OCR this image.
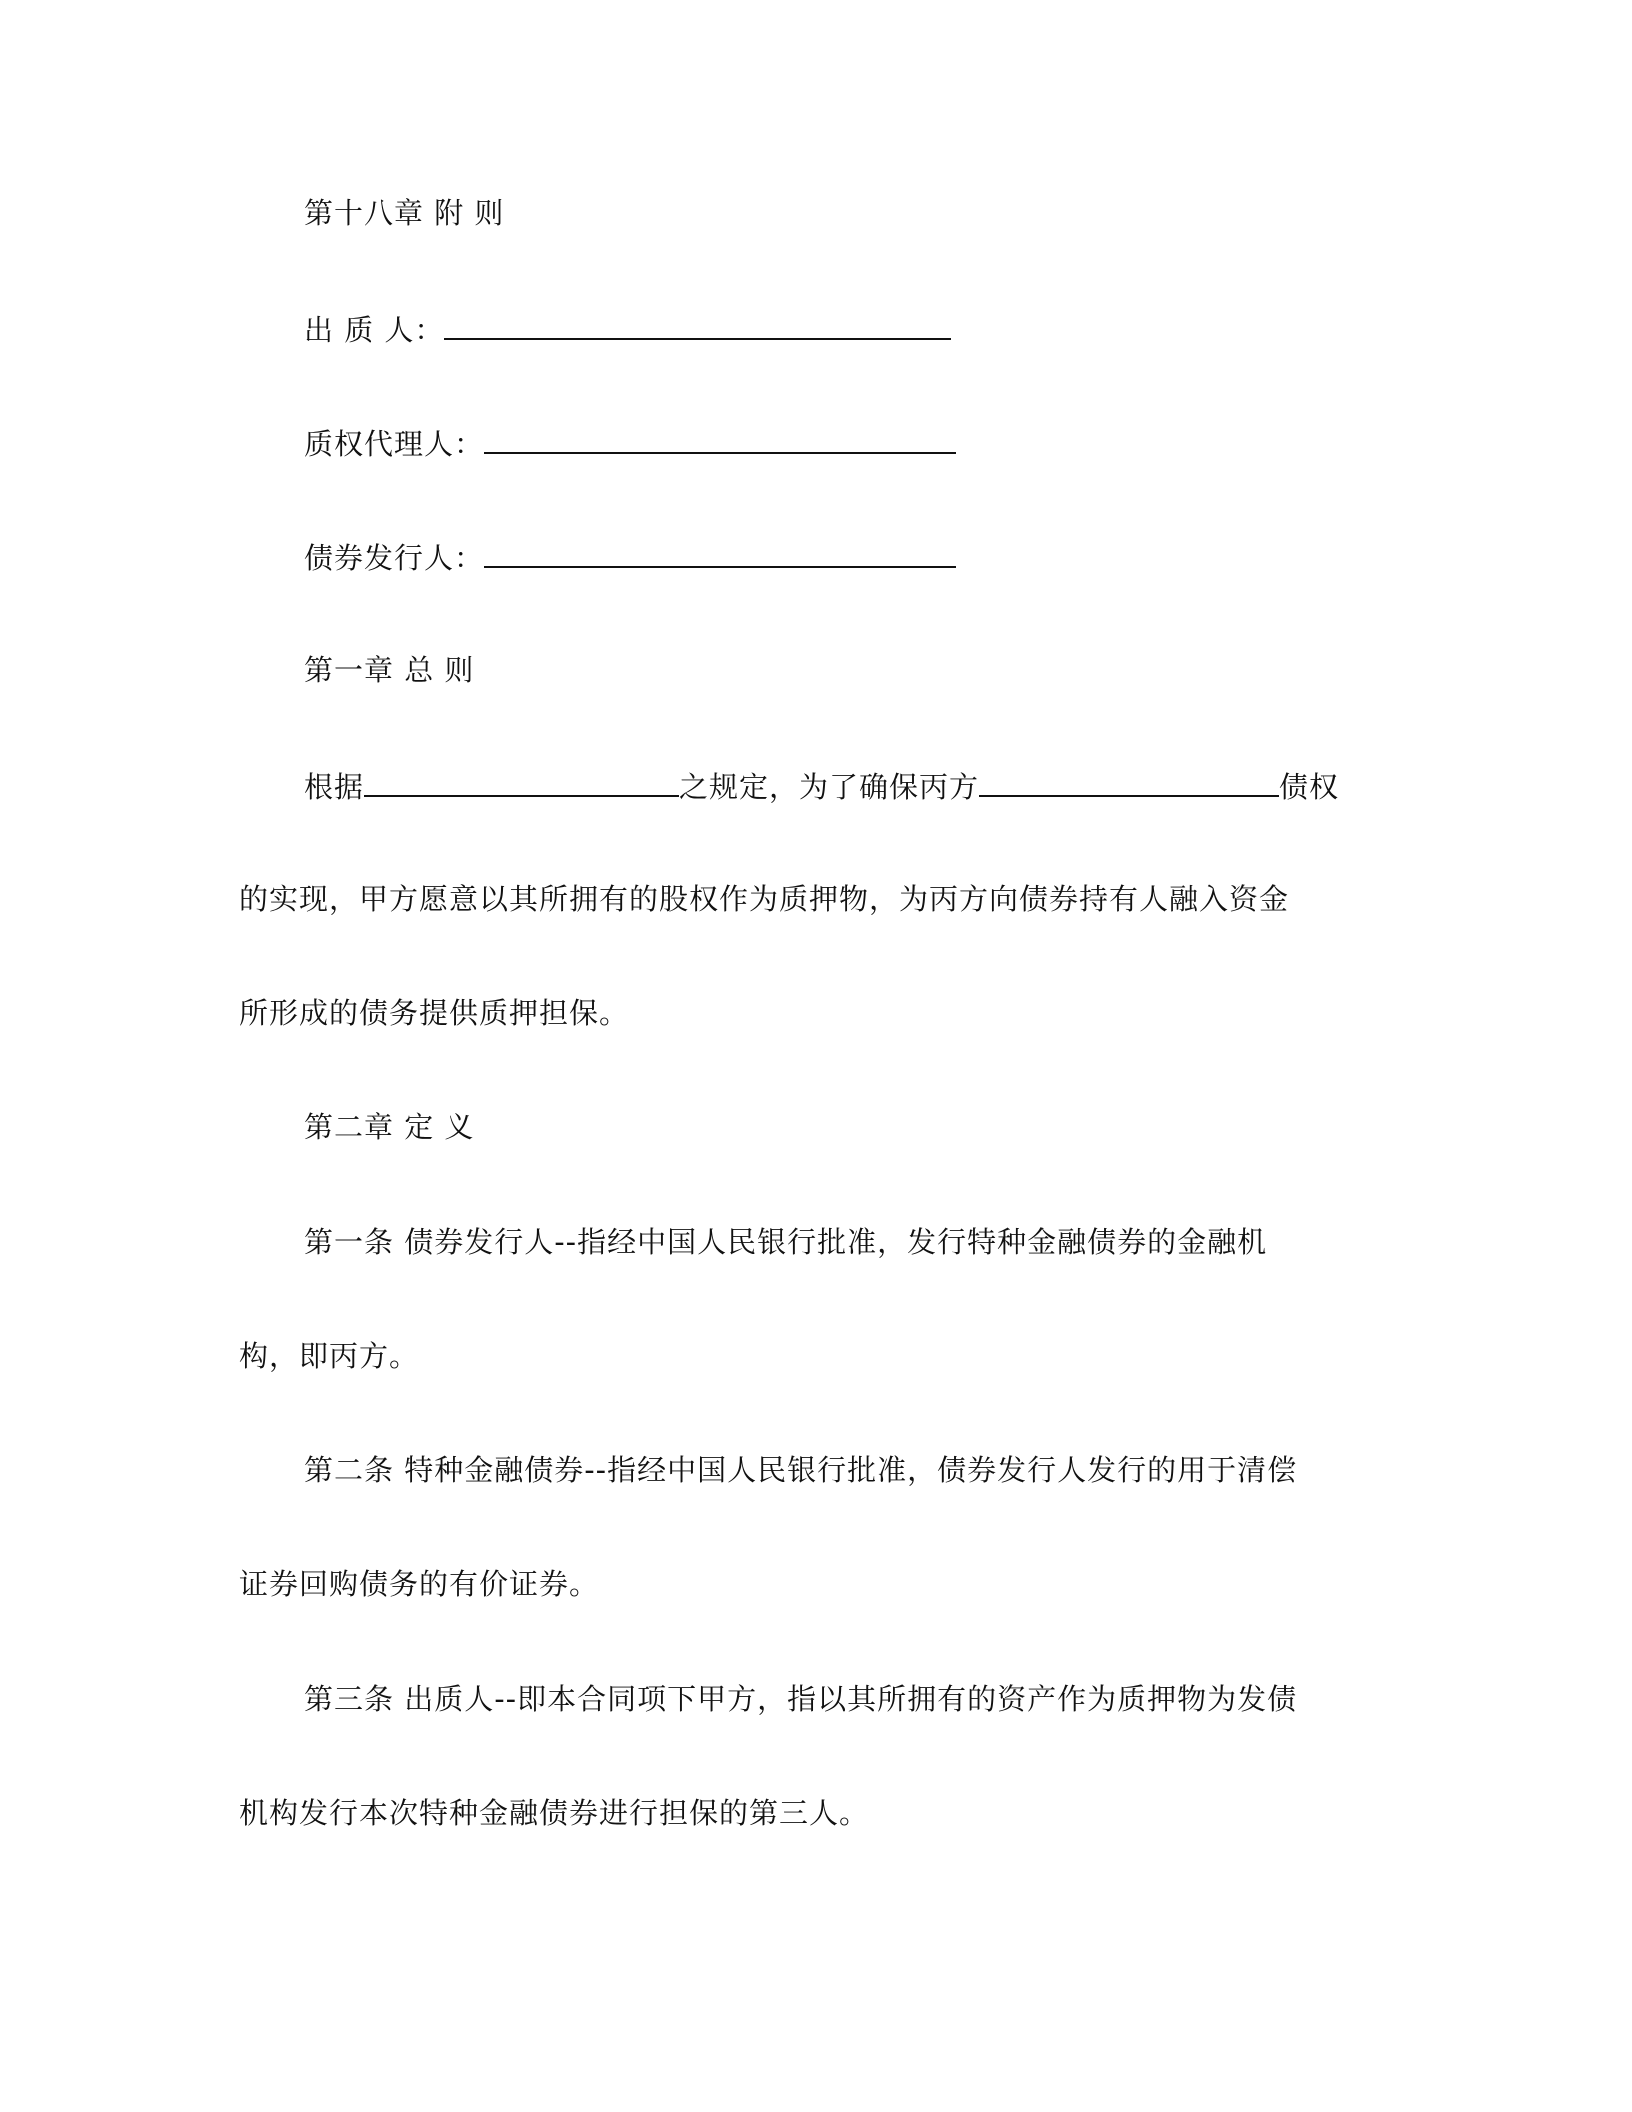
第十八章 附 则
出 质 人：
质权代理人：
债券发行人：
第一章 总 则
根据	之规定，为了确保丙方	债权
的实现，甲方愿意以其所拥有的股权作为质押物，为丙方向债券持有人融入资金
所形成的债务提供质押担保。
第二章 定 义
第一条 债券发行人--指经中国人民银行批准，发行特种金融债券的金融机
构，即丙方。
第二条 特种金融债券--指经中国人民银行批准，债券发行人发行的用于清偿
证券回购债务的有价证券。
第三条 出质人--即本合同项下甲方，指以其所拥有的资产作为质押物为发债
机构发行本次特种金融债券进行担保的第三人。
